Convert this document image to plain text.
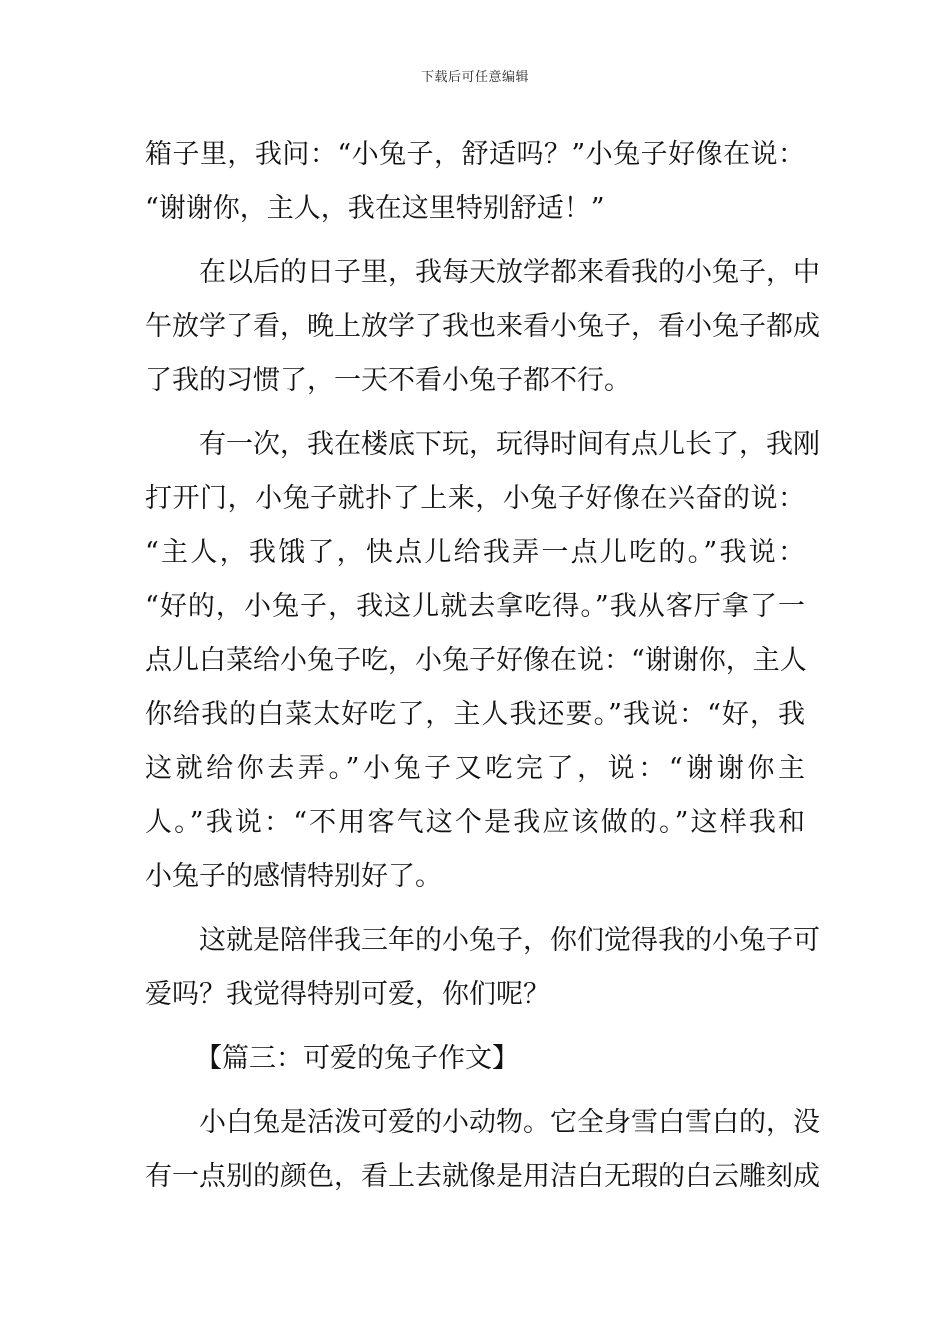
下载后可任意编辑
箱子里，我问：“小兔子，舒适吗？”小兔子好像在说：
“谢谢你，主人，我在这里特别舒适！”
在以后的日子里，我每天放学都来看我的小兔子，中
午放学了看，晚上放学了我也来看小兔子，看小兔子都成
了我的习惯了，一天不看小兔子都不行。
有一次，我在楼底下玩，玩得时间有点儿长了，我刚
打开门，小兔子就扑了上来，小兔子好像在兴奋的说：
“主人，我饿了，快点儿给我弄一点儿吃的。”我说：
“好的，小兔子，我这儿就去拿吃得。”我从客厅拿了一
点儿白菜给小兔子吃，小兔子好像在说：“谢谢你，主人
你给我的白菜太好吃了，主人我还要。”我说：“好，我
这就给你去弄。”小兔子又吃完了，说：“谢谢你主
人。”我说：“不用客气这个是我应该做的。”这样我和
小兔子的感情特别好了。
这就是陪伴我三年的小兔子，你们觉得我的小兔子可
爱吗？我觉得特别可爱，你们呢？
【篇三：可爱的兔子作文】
小白兔是活泼可爱的小动物。它全身雪白雪白的，没
有一点别的颜色，看上去就像是用洁白无瑕的白云雕刻成
